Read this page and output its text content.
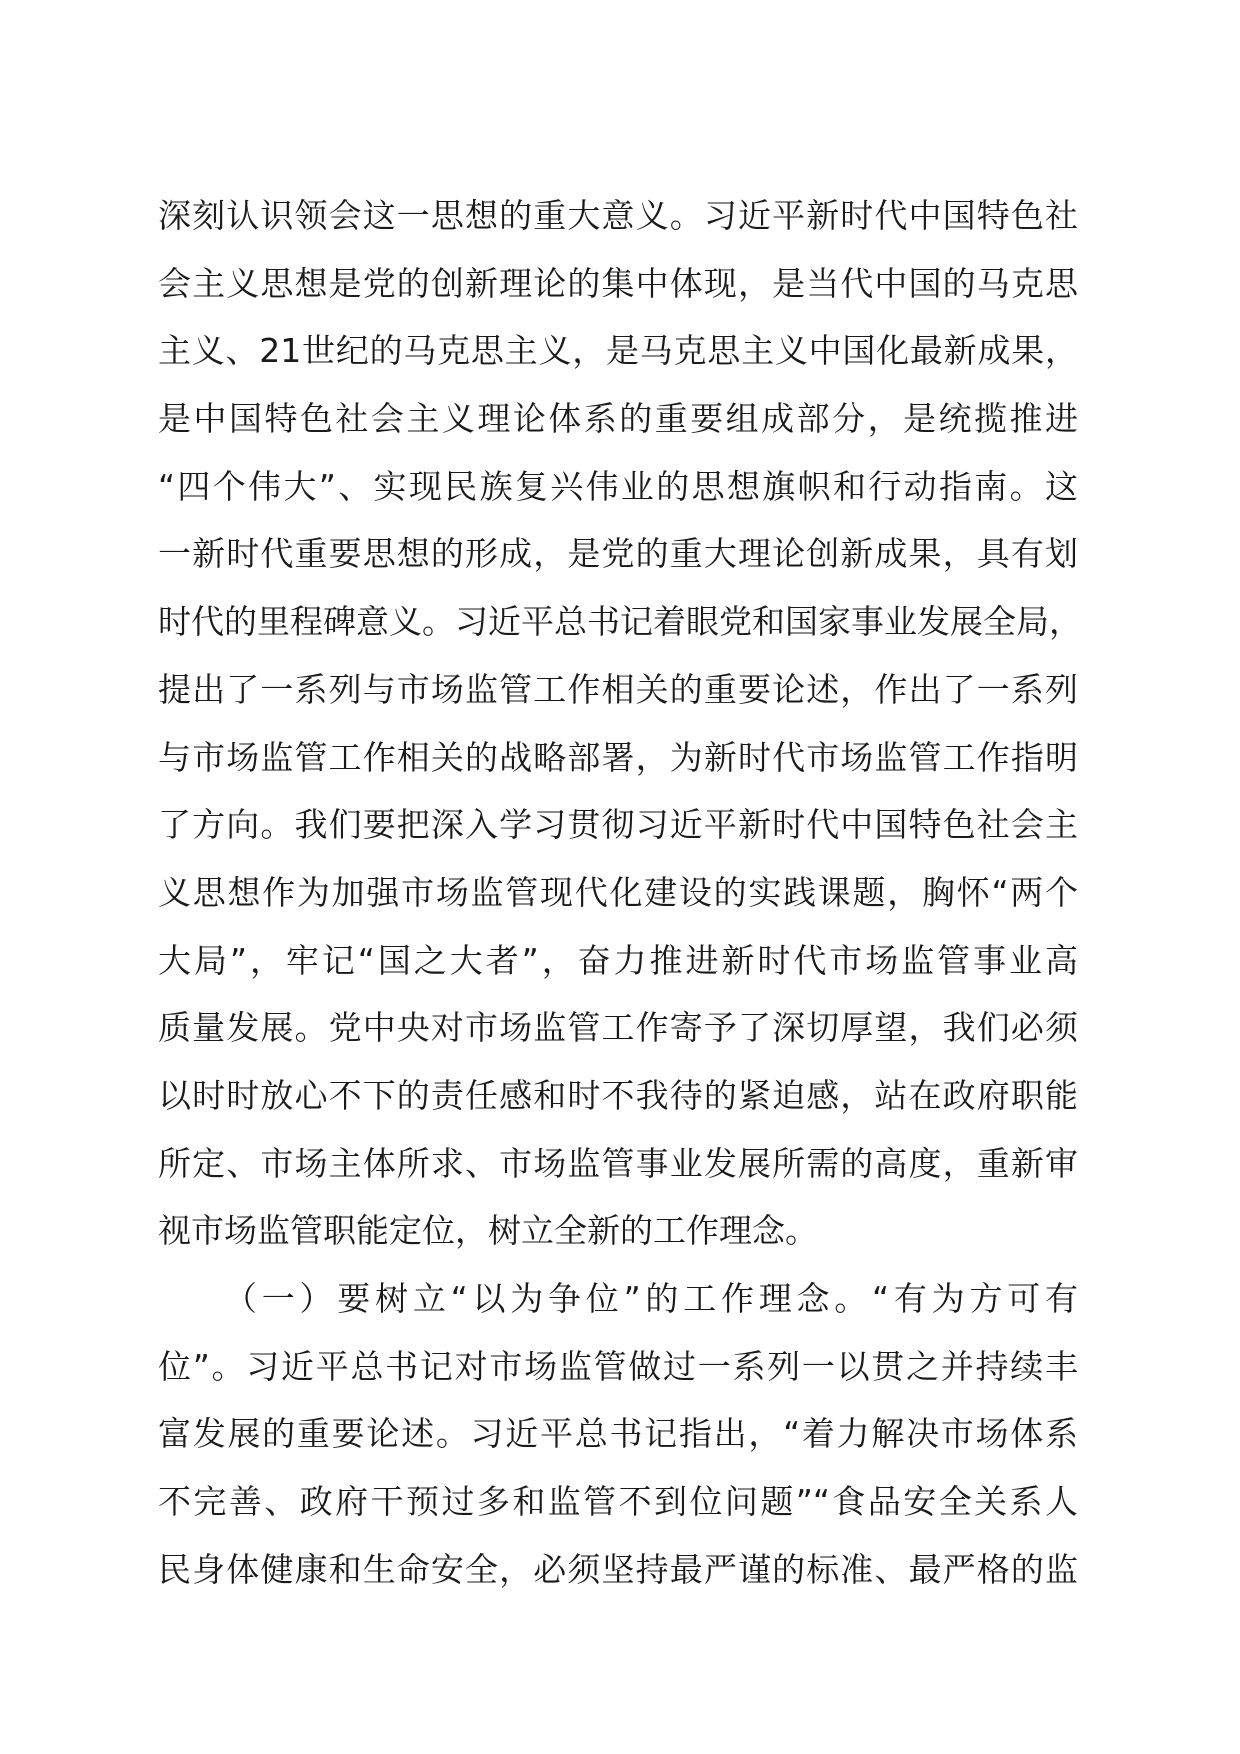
深刻认识领会这一思想的重大意义。习近平新时代中国特色社
会主义思想是党的创新理论的集中体现，是当代中国的马克思
主义、21世纪的马克思主义，是马克思主义中国化最新成果，
是中国特色社会主义理论体系的重要组成部分，是统揽推进
“四个伟大”、实现民族复兴伟业的思想旗帜和行动指南。这
一新时代重要思想的形成，是党的重大理论创新成果，具有划
时代的里程碑意义。习近平总书记着眼党和国家事业发展全局，
提出了一系列与市场监管工作相关的重要论述，作出了一系列
与市场监管工作相关的战略部署，为新时代市场监管工作指明
了方向。我们要把深入学习贯彻习近平新时代中国特色社会主
义思想作为加强市场监管现代化建设的实践课题，胸怀“两个
大局”，牢记“国之大者”，奋力推进新时代市场监管事业高
质量发展。党中央对市场监管工作寄予了深切厚望，我们必须
以时时放心不下的责任感和时不我待的紧迫感，站在政府职能
所定、市场主体所求、市场监管事业发展所需的高度，重新审
视市场监管职能定位，树立全新的工作理念。
（一）要树立“以为争位”的工作理念。“有为方可有
位”。习近平总书记对市场监管做过一系列一以贯之并持续丰
富发展的重要论述。习近平总书记指出，“着力解决市场体系
不完善、政府干预过多和监管不到位问题”“食品安全关系人
民身体健康和生命安全，必须坚持最严谨的标准、最严格的监
